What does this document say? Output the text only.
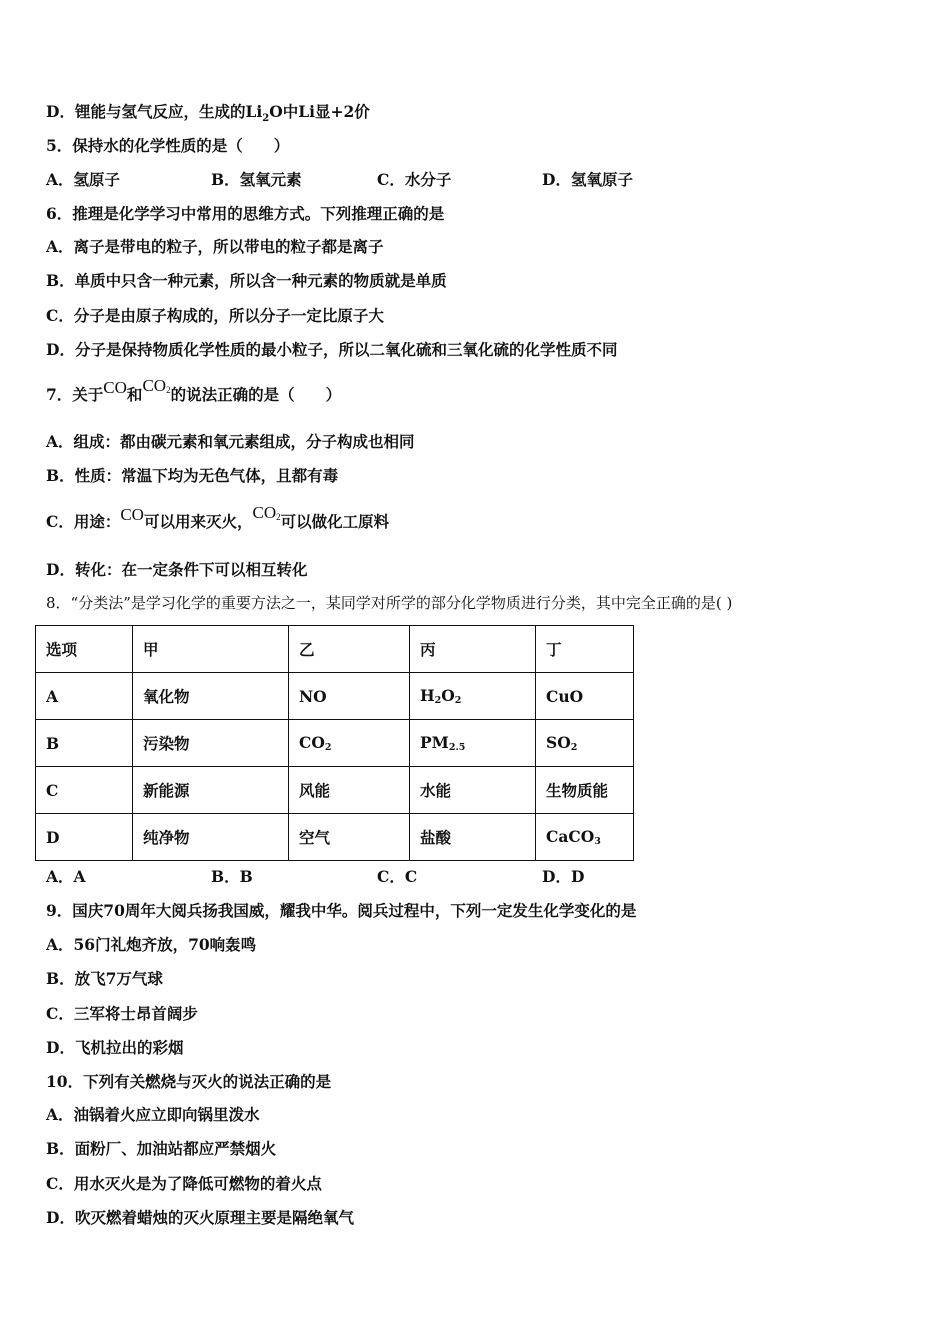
D．锂能与氢气反应，生成的$Li_2O$中Li显+2价
5．保持水的化学性质的是（　　）
A．氢原子	B．氢氧元素	C．水分子	D．氢氧原子
6．推理是化学学习中常用的思维方式。下列推理正确的是
A．离子是带电的粒子，所以带电的粒子都是离子
B．单质中只含一种元素，所以含一种元素的物质就是单质
C．分子是由原子构成的，所以分子一定比原子大
D．分子是保持物质化学性质的最小粒子，所以二氧化硫和三氧化硫的化学性质不同
7．关于CO和$CO_2$的说法正确的是（　　）
A．组成：都由碳元素和氧元素组成，分子构成也相同
B．性质：常温下均为无色气体，且都有毒
C．用途：CO可以用来灭火，$CO_2$可以做化工原料
D．转化：在一定条件下可以相互转化
8．“分类法”是学习化学的重要方法之一，某同学对所学的部分化学物质进行分类，其中完全正确的是( )
选项	甲	乙	丙	丁
A	氧化物	NO	$H_2O_2$	CuO
B	污染物	$CO_2$	$PM_{2.5}$	$SO_2$
C	新能源	风能	水能	生物质能
D	纯净物	空气	盐酸	CaCO$_3$
A．A	B．B	C．C	D．D
9．国庆70周年大阅兵扬我国威，耀我中华。阅兵过程中，下列一定发生化学变化的是
A．56门礼炮齐放，70响轰鸣
B．放飞7万气球
C．三军将士昂首阔步
D．飞机拉出的彩烟
10．下列有关燃烧与灭火的说法正确的是
A．油锅着火应立即向锅里泼水
B．面粉厂、加油站都应严禁烟火
C．用水灭火是为了降低可燃物的着火点
D．吹灭燃着蜡烛的灭火原理主要是隔绝氧气
